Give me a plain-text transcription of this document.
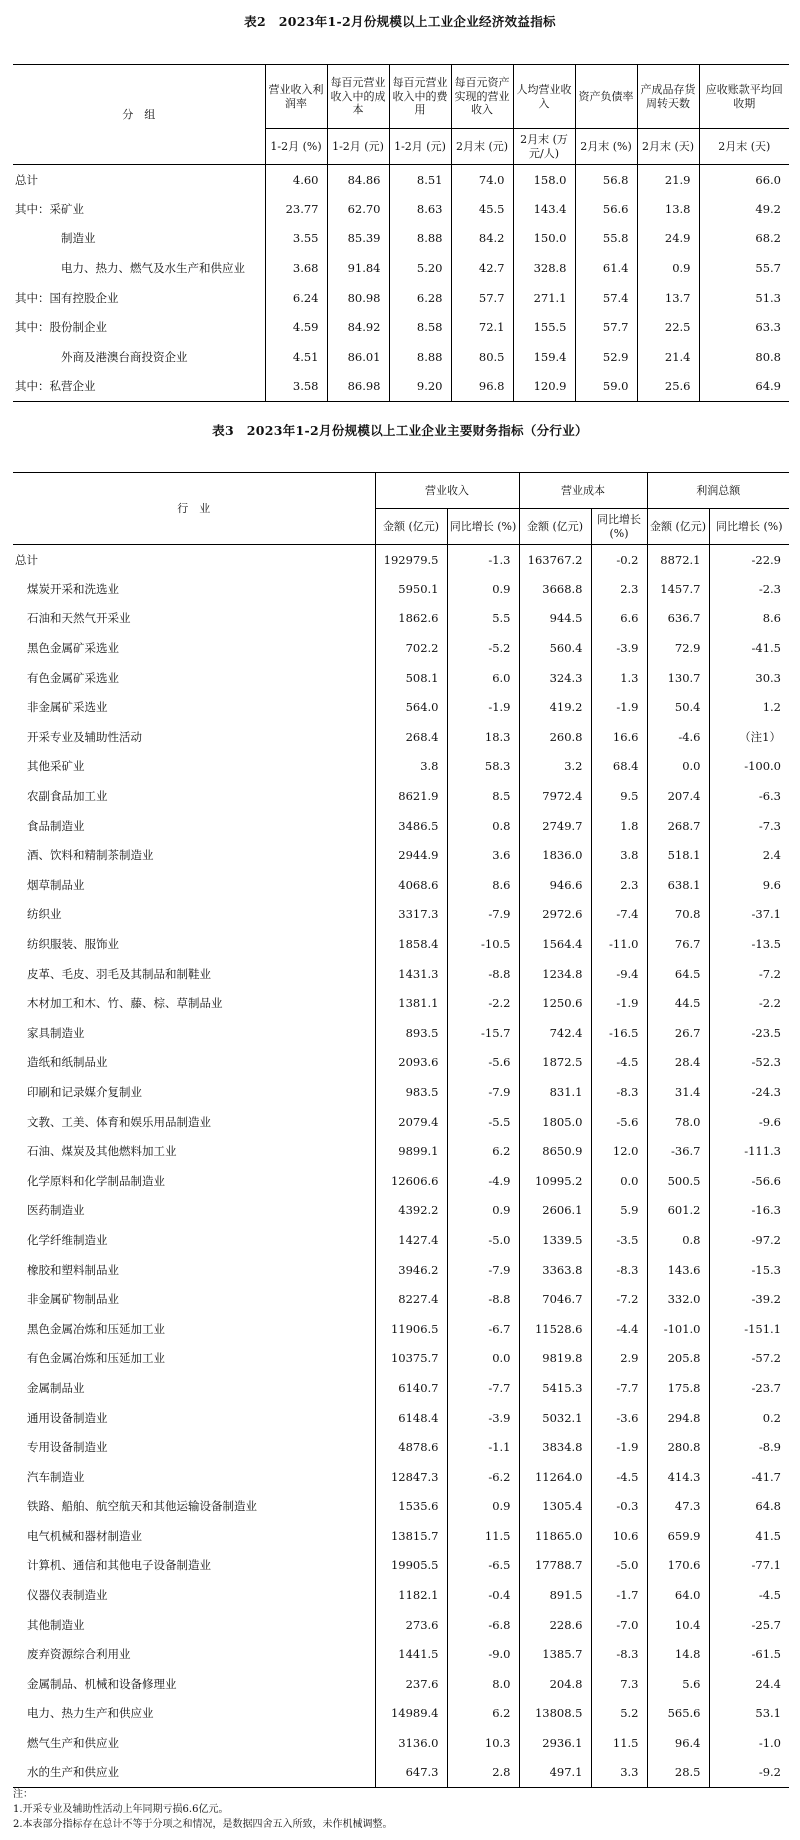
表2　2023年1-2月份规模以上工业企业经济效益指标
分　组	营业收入利润率	每百元营业收入中的成本	每百元营业收入中的费用	每百元资产实现的营业收入	人均营业收入	资产负债率	产成品存货周转天数	应收账款平均回收期
	1-2月 (%)	1-2月 (元)	1-2月 (元)	2月末 (元)	2月末 (万元/人)	2月末 (%)	2月末 (天)	2月末 (天)
总计	4.60	84.86	8.51	74.0	158.0	56.8	21.9	66.0
其中：采矿业	23.77	62.70	8.63	45.5	143.4	56.6	13.8	49.2
制造业	3.55	85.39	8.88	84.2	150.0	55.8	24.9	68.2
电力、热力、燃气及水生产和供应业	3.68	91.84	5.20	42.7	328.8	61.4	0.9	55.7
其中：国有控股企业	6.24	80.98	6.28	57.7	271.1	57.4	13.7	51.3
其中：股份制企业	4.59	84.92	8.58	72.1	155.5	57.7	22.5	63.3
外商及港澳台商投资企业	4.51	86.01	8.88	80.5	159.4	52.9	21.4	80.8
其中：私营企业	3.58	86.98	9.20	96.8	120.9	59.0	25.6	64.9
表3　2023年1-2月份规模以上工业企业主要财务指标（分行业）
行　业	营业收入		营业成本		利润总额	
	金额 (亿元)	同比增长 (%)	金额 (亿元)	同比增长 (%)	金额 (亿元)	同比增长 (%)
总计	192979.5	-1.3	163767.2	-0.2	8872.1	-22.9
煤炭开采和洗选业	5950.1	0.9	3668.8	2.3	1457.7	-2.3
石油和天然气开采业	1862.6	5.5	944.5	6.6	636.7	8.6
黑色金属矿采选业	702.2	-5.2	560.4	-3.9	72.9	-41.5
有色金属矿采选业	508.1	6.0	324.3	1.3	130.7	30.3
非金属矿采选业	564.0	-1.9	419.2	-1.9	50.4	1.2
开采专业及辅助性活动	268.4	18.3	260.8	16.6	-4.6	（注1）
其他采矿业	3.8	58.3	3.2	68.4	0.0	-100.0
农副食品加工业	8621.9	8.5	7972.4	9.5	207.4	-6.3
食品制造业	3486.5	0.8	2749.7	1.8	268.7	-7.3
酒、饮料和精制茶制造业	2944.9	3.6	1836.0	3.8	518.1	2.4
烟草制品业	4068.6	8.6	946.6	2.3	638.1	9.6
纺织业	3317.3	-7.9	2972.6	-7.4	70.8	-37.1
纺织服装、服饰业	1858.4	-10.5	1564.4	-11.0	76.7	-13.5
皮革、毛皮、羽毛及其制品和制鞋业	1431.3	-8.8	1234.8	-9.4	64.5	-7.2
木材加工和木、竹、藤、棕、草制品业	1381.1	-2.2	1250.6	-1.9	44.5	-2.2
家具制造业	893.5	-15.7	742.4	-16.5	26.7	-23.5
造纸和纸制品业	2093.6	-5.6	1872.5	-4.5	28.4	-52.3
印刷和记录媒介复制业	983.5	-7.9	831.1	-8.3	31.4	-24.3
文教、工美、体育和娱乐用品制造业	2079.4	-5.5	1805.0	-5.6	78.0	-9.6
石油、煤炭及其他燃料加工业	9899.1	6.2	8650.9	12.0	-36.7	-111.3
化学原料和化学制品制造业	12606.6	-4.9	10995.2	0.0	500.5	-56.6
医药制造业	4392.2	0.9	2606.1	5.9	601.2	-16.3
化学纤维制造业	1427.4	-5.0	1339.5	-3.5	0.8	-97.2
橡胶和塑料制品业	3946.2	-7.9	3363.8	-8.3	143.6	-15.3
非金属矿物制品业	8227.4	-8.8	7046.7	-7.2	332.0	-39.2
黑色金属冶炼和压延加工业	11906.5	-6.7	11528.6	-4.4	-101.0	-151.1
有色金属冶炼和压延加工业	10375.7	0.0	9819.8	2.9	205.8	-57.2
金属制品业	6140.7	-7.7	5415.3	-7.7	175.8	-23.7
通用设备制造业	6148.4	-3.9	5032.1	-3.6	294.8	0.2
专用设备制造业	4878.6	-1.1	3834.8	-1.9	280.8	-8.9
汽车制造业	12847.3	-6.2	11264.0	-4.5	414.3	-41.7
铁路、船舶、航空航天和其他运输设备制造业	1535.6	0.9	1305.4	-0.3	47.3	64.8
电气机械和器材制造业	13815.7	11.5	11865.0	10.6	659.9	41.5
计算机、通信和其他电子设备制造业	19905.5	-6.5	17788.7	-5.0	170.6	-77.1
仪器仪表制造业	1182.1	-0.4	891.5	-1.7	64.0	-4.5
其他制造业	273.6	-6.8	228.6	-7.0	10.4	-25.7
废弃资源综合利用业	1441.5	-9.0	1385.7	-8.3	14.8	-61.5
金属制品、机械和设备修理业	237.6	8.0	204.8	7.3	5.6	24.4
电力、热力生产和供应业	14989.4	6.2	13808.5	5.2	565.6	53.1
燃气生产和供应业	3136.0	10.3	2936.1	11.5	96.4	-1.0
水的生产和供应业	647.3	2.8	497.1	3.3	28.5	-9.2
注：
1.开采专业及辅助性活动上年同期亏损6.6亿元。
2.本表部分指标存在总计不等于分项之和情况，是数据四舍五入所致，未作机械调整。
